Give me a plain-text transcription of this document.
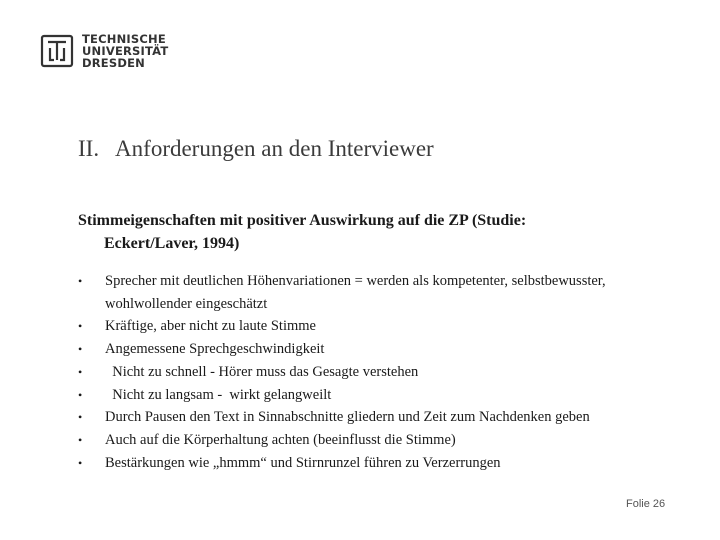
TECHNISCHE
UNIVERSITÄT
DRESDEN
II.   Anforderungen an den Interviewer
Stimmeigenschaften mit positiver Auswirkung auf die ZP (Studie:
Eckert/Laver, 1994)
• Sprecher mit deutlichen Höhenvariationen = werden als kompetenter, selbstbewusster, wohlwollender eingeschätzt
• Kräftige, aber nicht zu laute Stimme
• Angemessene Sprechgeschwindigkeit
• Nicht zu schnell - Hörer muss das Gesagte verstehen
• Nicht zu langsam -  wirkt gelangweilt
• Durch Pausen den Text in Sinnabschnitte gliedern und Zeit zum Nachdenken geben
• Auch auf die Körperhaltung achten (beeinflusst die Stimme)
• Bestärkungen wie „hmmm“ und Stirnrunzel führen zu Verzerrungen
Folie 26
